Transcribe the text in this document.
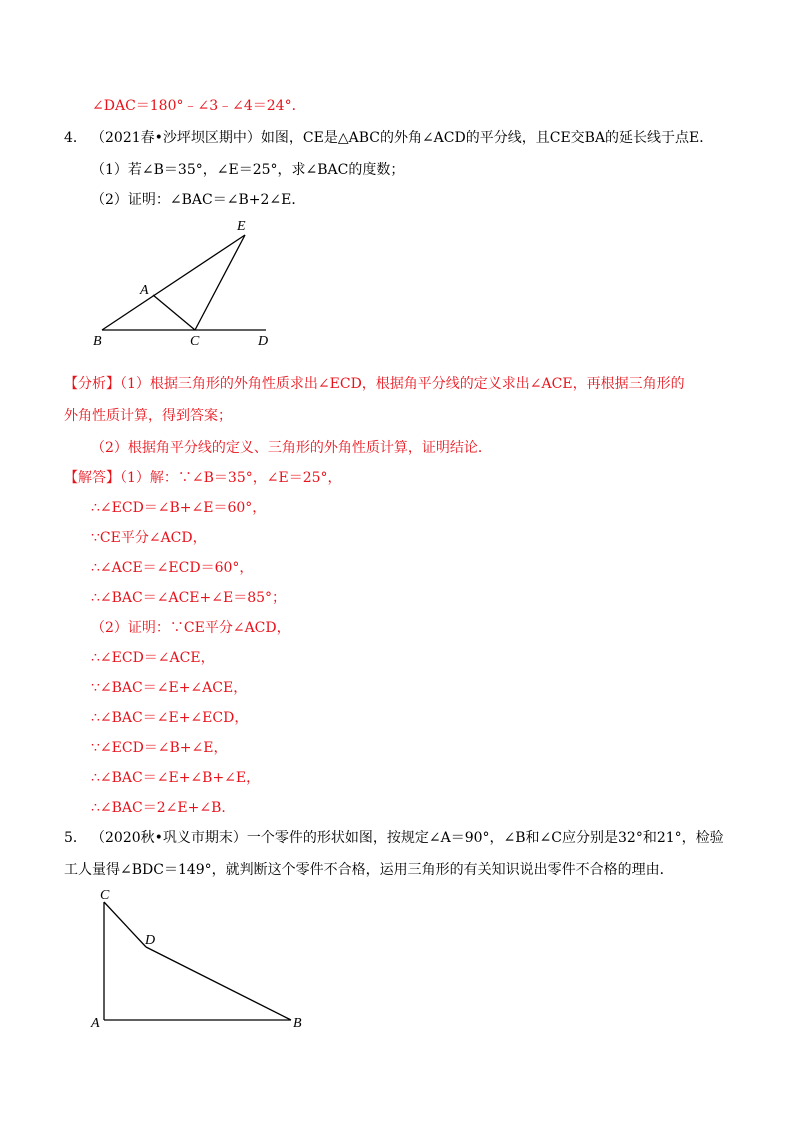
∠DAC＝180°﹣∠3﹣∠4＝24°．
4． （2021春•沙坪坝区期中）如图，CE是△ABC的外角∠ACD的平分线，且CE交BA的延长线于点E．
（1）若∠B＝35°，∠E＝25°，求∠BAC的度数；
（2）证明：∠BAC＝∠B+2∠E．
E
A
B	C	D
【分析】（1）根据三角形的外角性质求出∠ECD，根据角平分线的定义求出∠ACE，再根据三角形的
外角性质计算，得到答案；
（2）根据角平分线的定义、三角形的外角性质计算，证明结论．
【解答】（1）解：∵∠B＝35°，∠E＝25°，
∴∠ECD＝∠B+∠E＝60°，
∵CE平分∠ACD，
∴∠ACE＝∠ECD＝60°，
∴∠BAC＝∠ACE+∠E＝85°；
（2）证明：∵CE平分∠ACD，
∴∠ECD＝∠ACE，
∵∠BAC＝∠E+∠ACE，
∴∠BAC＝∠E+∠ECD，
∵∠ECD＝∠B+∠E，
∴∠BAC＝∠E+∠B+∠E，
∴∠BAC＝2∠E+∠B．
5． （2020秋•巩义市期末）一个零件的形状如图，按规定∠A＝90°，∠B和∠C应分别是32°和21°，检验
工人量得∠BDC＝149°，就判断这个零件不合格，运用三角形的有关知识说出零件不合格的理由．
C
D
A	B
